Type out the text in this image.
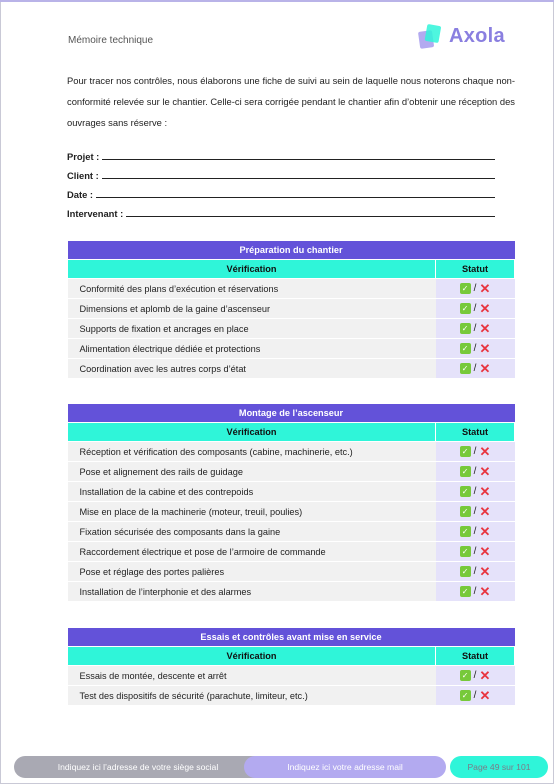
Mémoire technique	Axola
Pour tracer nos contrôles, nous élaborons une fiche de suivi au sein de laquelle nous noterons chaque non-conformité relevée sur le chantier. Celle-ci sera corrigée pendant le chantier afin d’obtenir une réception des ouvrages sans réserve :
Projet :
Client :
Date :
Intervenant :
Préparation du chantier	
Vérification	Statut
Conformité des plans d’exécution et réservations	✓ / ✕

Dimensions et aplomb de la gaine d’ascenseur	✓ / ✕

Supports de fixation et ancrages en place	✓ / ✕

Alimentation électrique dédiée et protections	✓ / ✕

Coordination avec les autres corps d’état	✓ / ✕
Montage de l’ascenseur	
Vérification	Statut
Réception et vérification des composants (cabine, machinerie, etc.)	✓ / ✕

Pose et alignement des rails de guidage	✓ / ✕

Installation de la cabine et des contrepoids	✓ / ✕

Mise en place de la machinerie (moteur, treuil, poulies)	✓ / ✕

Fixation sécurisée des composants dans la gaine	✓ / ✕

Raccordement électrique et pose de l’armoire de commande	✓ / ✕

Pose et réglage des portes palières	✓ / ✕

Installation de l’interphonie et des alarmes	✓ / ✕
Essais et contrôles avant mise en service	
Vérification	Statut
Essais de montée, descente et arrêt	✓ / ✕

Test des dispositifs de sécurité (parachute, limiteur, etc.)	✓ / ✕
Indiquez ici l’adresse de votre siège social	Indiquez ici votre adresse mail	Page 49 sur 101
